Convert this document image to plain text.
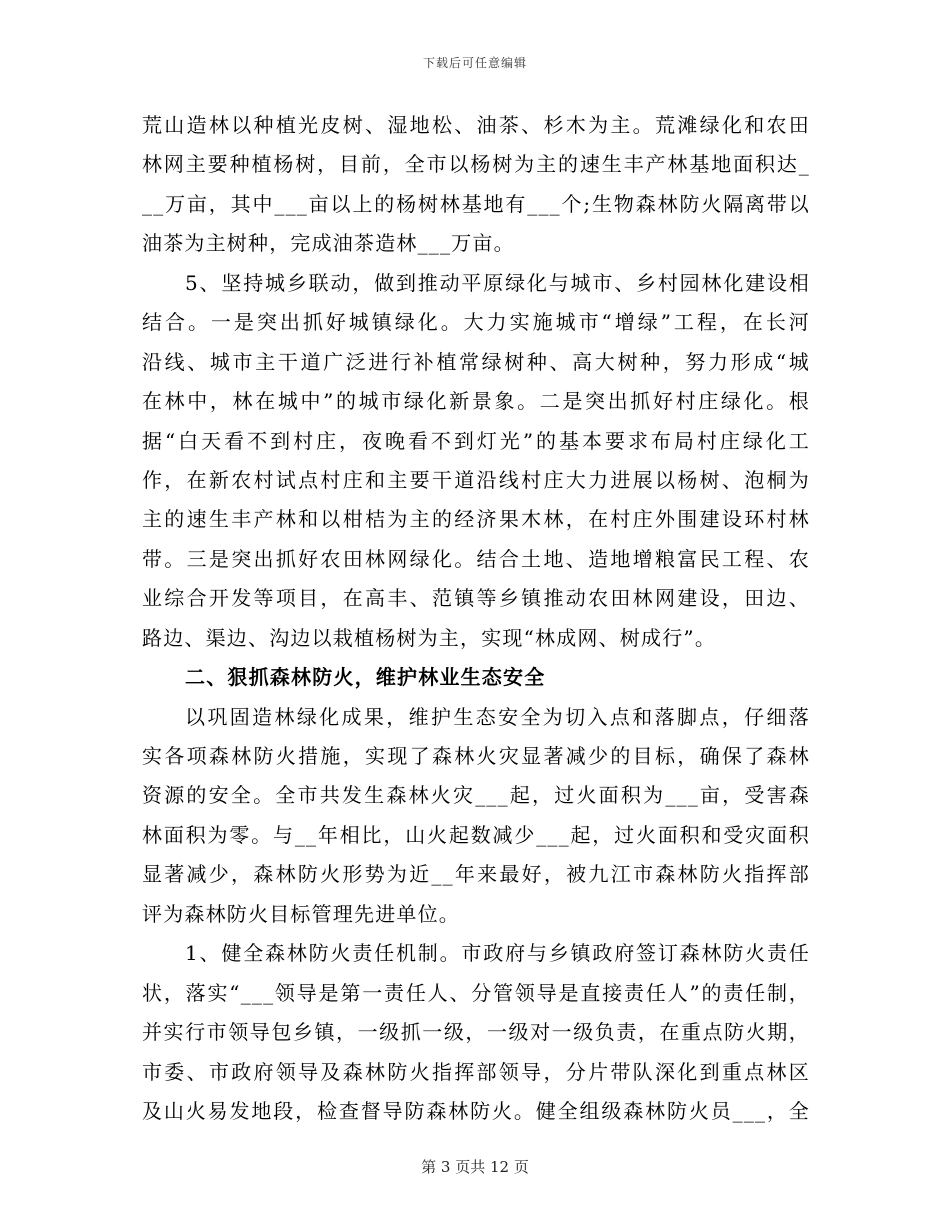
下载后可任意编辑
荒山造林以种植光皮树、湿地松、油茶、杉木为主。荒滩绿化和农田
林网主要种植杨树，目前，全市以杨树为主的速生丰产林基地面积达_
__万亩，其中___亩以上的杨树林基地有___个;生物森林防火隔离带以
油茶为主树种，完成油茶造林___万亩。
5、坚持城乡联动，做到推动平原绿化与城市、乡村园林化建设相
结合。一是突出抓好城镇绿化。大力实施城市“增绿”工程，在长河
沿线、城市主干道广泛进行补植常绿树种、高大树种，努力形成“城
在林中，林在城中”的城市绿化新景象。二是突出抓好村庄绿化。根
据“白天看不到村庄，夜晚看不到灯光”的基本要求布局村庄绿化工
作，在新农村试点村庄和主要干道沿线村庄大力进展以杨树、泡桐为
主的速生丰产林和以柑桔为主的经济果木林，在村庄外围建设环村林
带。三是突出抓好农田林网绿化。结合土地、造地增粮富民工程、农
业综合开发等项目，在高丰、范镇等乡镇推动农田林网建设，田边、
路边、渠边、沟边以栽植杨树为主，实现“林成网、树成行”。
二、狠抓森林防火，维护林业生态安全
以巩固造林绿化成果，维护生态安全为切入点和落脚点，仔细落
实各项森林防火措施，实现了森林火灾显著减少的目标，确保了森林
资源的安全。全市共发生森林火灾___起，过火面积为___亩，受害森
林面积为零。与__年相比，山火起数减少___起，过火面积和受灾面积
显著减少，森林防火形势为近__年来最好，被九江市森林防火指挥部
评为森林防火目标管理先进单位。
1、健全森林防火责任机制。市政府与乡镇政府签订森林防火责任
状，落实“___领导是第一责任人、分管领导是直接责任人”的责任制，
并实行市领导包乡镇，一级抓一级，一级对一级负责，在重点防火期，
市委、市政府领导及森林防火指挥部领导，分片带队深化到重点林区
及山火易发地段，检查督导防森林防火。健全组级森林防火员___，全
第 3 页共 12 页
